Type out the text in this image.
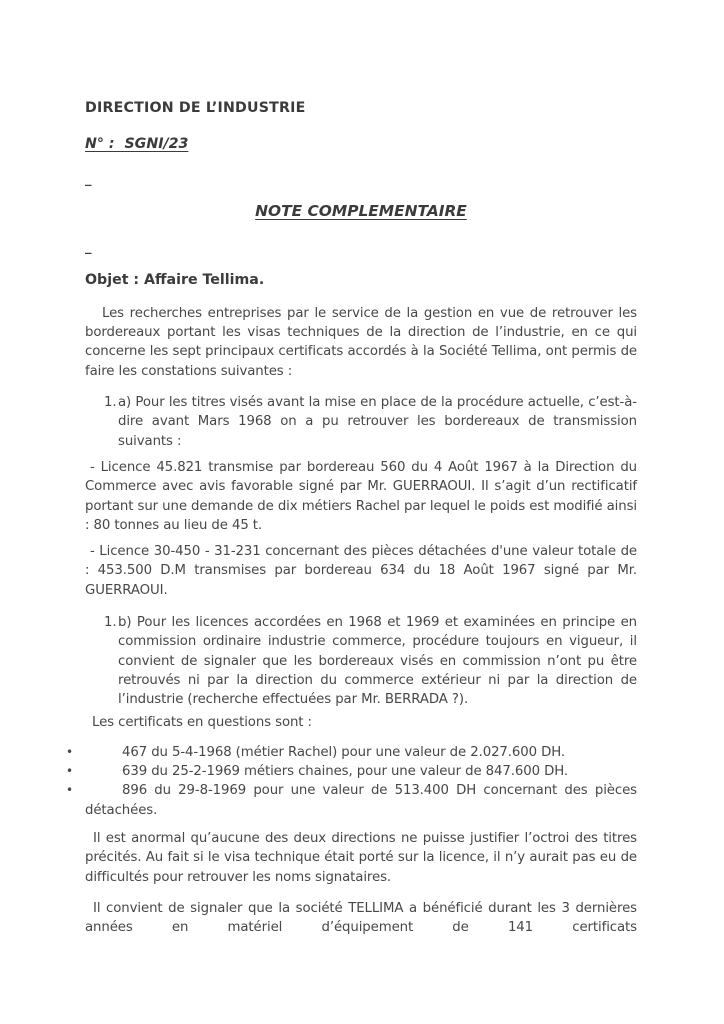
DIRECTION DE L’INDUSTRIE
N° :  SGNI/23
_
NOTE COMPLEMENTAIRE
_
Objet : Affaire Tellima.

Les recherches entreprises par le service de la gestion en vue de retrouver les bordereaux portant les visas techniques de la direction de l’industrie, en ce qui concerne les sept principaux certificats accordés à la Société Tellima, ont permis de faire les constations suivantes :

1. a) Pour les titres visés avant la mise en place de la procédure actuelle, c’est-à-dire avant Mars 1968 on a pu retrouver les bordereaux de transmission suivants :

- Licence 45.821 transmise par bordereau 560 du 4 Août 1967 à la Direction du Commerce avec avis favorable signé par Mr. GUERRAOUI. Il s’agit d’un rectificatif portant sur une demande de dix métiers Rachel par lequel le poids est modifié ainsi : 80 tonnes au lieu de 45 t.

- Licence 30-450 - 31-231 concernant des pièces détachées d'une valeur totale de : 453.500 D.M transmises par bordereau 634 du 18 Août 1967 signé par Mr. GUERRAOUI.

1. b) Pour les licences accordées en 1968 et 1969 et examinées en principe en commission ordinaire industrie commerce, procédure toujours en vigueur, il convient de signaler que les bordereaux visés en commission n’ont pu être retrouvés ni par la direction du commerce extérieur ni par la direction de l’industrie (recherche effectuées par Mr. BERRADA ?).

Les certificats en questions sont :

•	467 du 5-4-1968 (métier Rachel) pour une valeur de 2.027.600 DH.
•	639 du 25-2-1969 métiers chaines, pour une valeur de 847.600 DH.
•	896 du 29-8-1969 pour une valeur de 513.400 DH concernant des pièces détachées.

Il est anormal qu’aucune des deux directions ne puisse justifier l’octroi des titres précités. Au fait si le visa technique était porté sur la licence, il n’y aurait pas eu de difficultés pour retrouver les noms signataires.

Il convient de signaler que la société TELLIMA a bénéficié durant les 3 dernières années en matériel d’équipement de 141 certificats
